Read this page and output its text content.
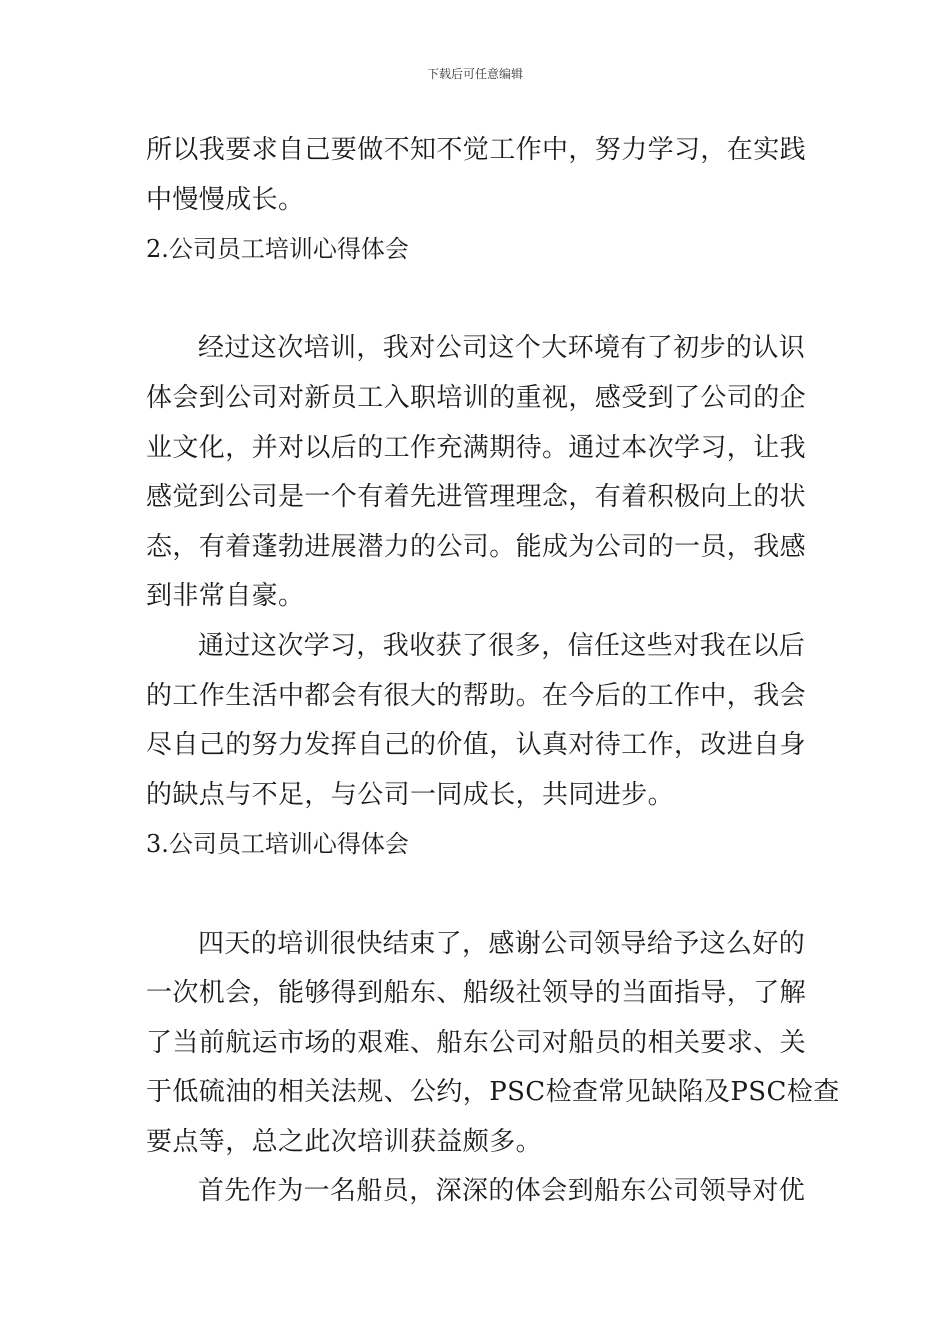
下载后可任意编辑
所以我要求自己要做不知不觉工作中，努力学习，在实践
中慢慢成长。
2.公司员工培训心得体会
经过这次培训，我对公司这个大环境有了初步的认识
体会到公司对新员工入职培训的重视，感受到了公司的企
业文化，并对以后的工作充满期待。通过本次学习，让我
感觉到公司是一个有着先进管理理念，有着积极向上的状
态，有着蓬勃进展潜力的公司。能成为公司的一员，我感
到非常自豪。
通过这次学习，我收获了很多，信任这些对我在以后
的工作生活中都会有很大的帮助。在今后的工作中，我会
尽自己的努力发挥自己的价值，认真对待工作，改进自身
的缺点与不足，与公司一同成长，共同进步。
3.公司员工培训心得体会
四天的培训很快结束了，感谢公司领导给予这么好的
一次机会，能够得到船东、船级社领导的当面指导，了解
了当前航运市场的艰难、船东公司对船员的相关要求、关
于低硫油的相关法规、公约，PSC检查常见缺陷及PSC检查
要点等，总之此次培训获益颇多。
首先作为一名船员，深深的体会到船东公司领导对优
